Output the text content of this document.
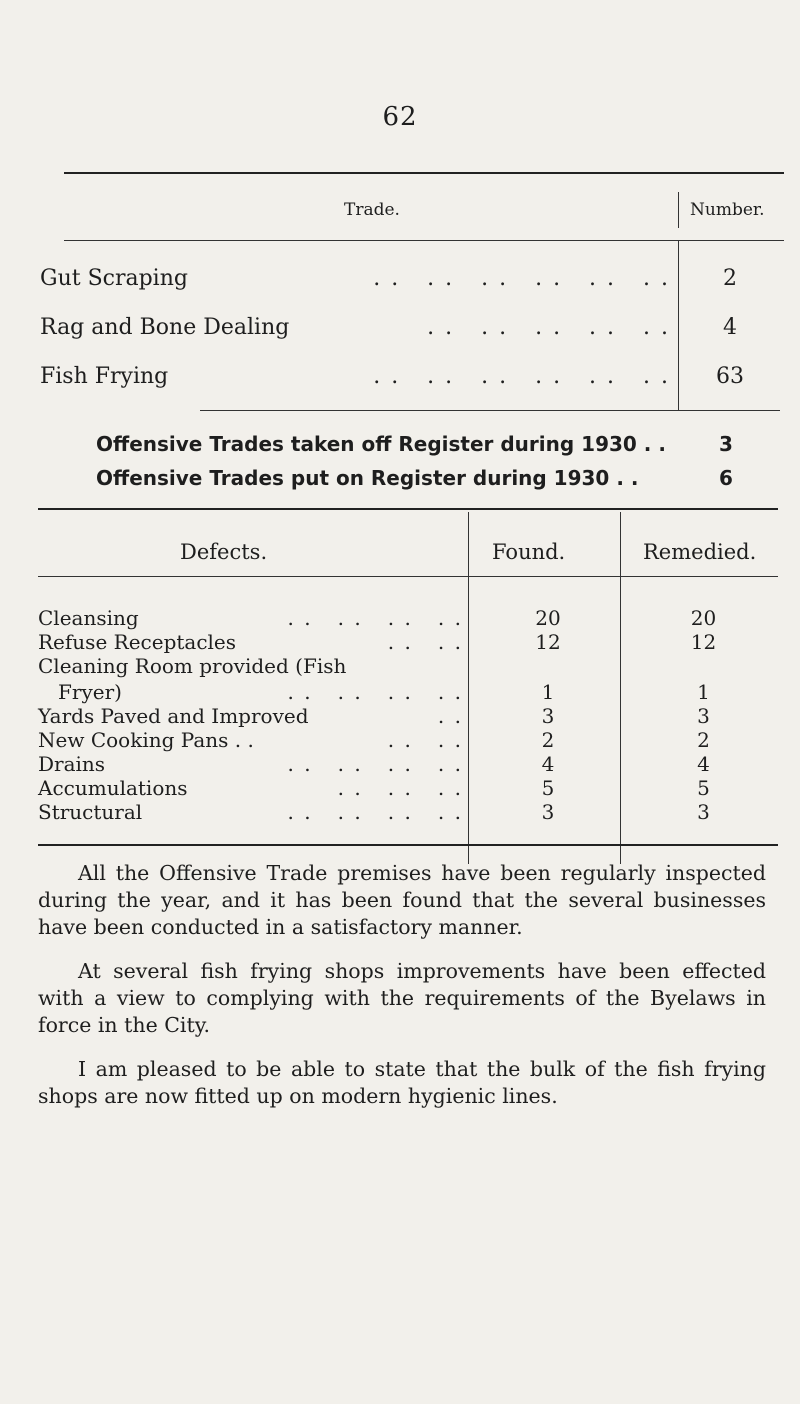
62
Trade.	Number.
Gut Scraping	. .   . .   . .   . .   . .   . .	2
Rag and Bone Dealing	. .   . .   . .   . .   . .	4
Fish Frying	. .   . .   . .   . .   . .   . .	63
Offensive Trades taken off Register during 1930 . .	3
Offensive Trades put on Register during 1930 . .	6
Defects.	Found.	Remedied.
Cleansing	. .   . .   . .   . .	20	20
Refuse Receptacles	. .   . .	12	12
Cleaning Room provided (Fish
Fryer)	. .   . .   . .   . .	1	1
Yards Paved and Improved	. .	3	3
New Cooking Pans . .	. .   . .	2	2
Drains	. .   . .   . .   . .	4	4
Accumulations	. .   . .   . .	5	5
Structural	. .   . .   . .   . .	3	3

All the Offensive Trade premises have been regularly inspected during the year, and it has been found that the several businesses have been conducted in a satisfactory manner.

At several fish frying shops improvements have been effected with a view to complying with the requirements of the Byelaws in force in the City.

I am pleased to be able to state that the bulk of the fish frying shops are now fitted up on modern hygienic lines.
